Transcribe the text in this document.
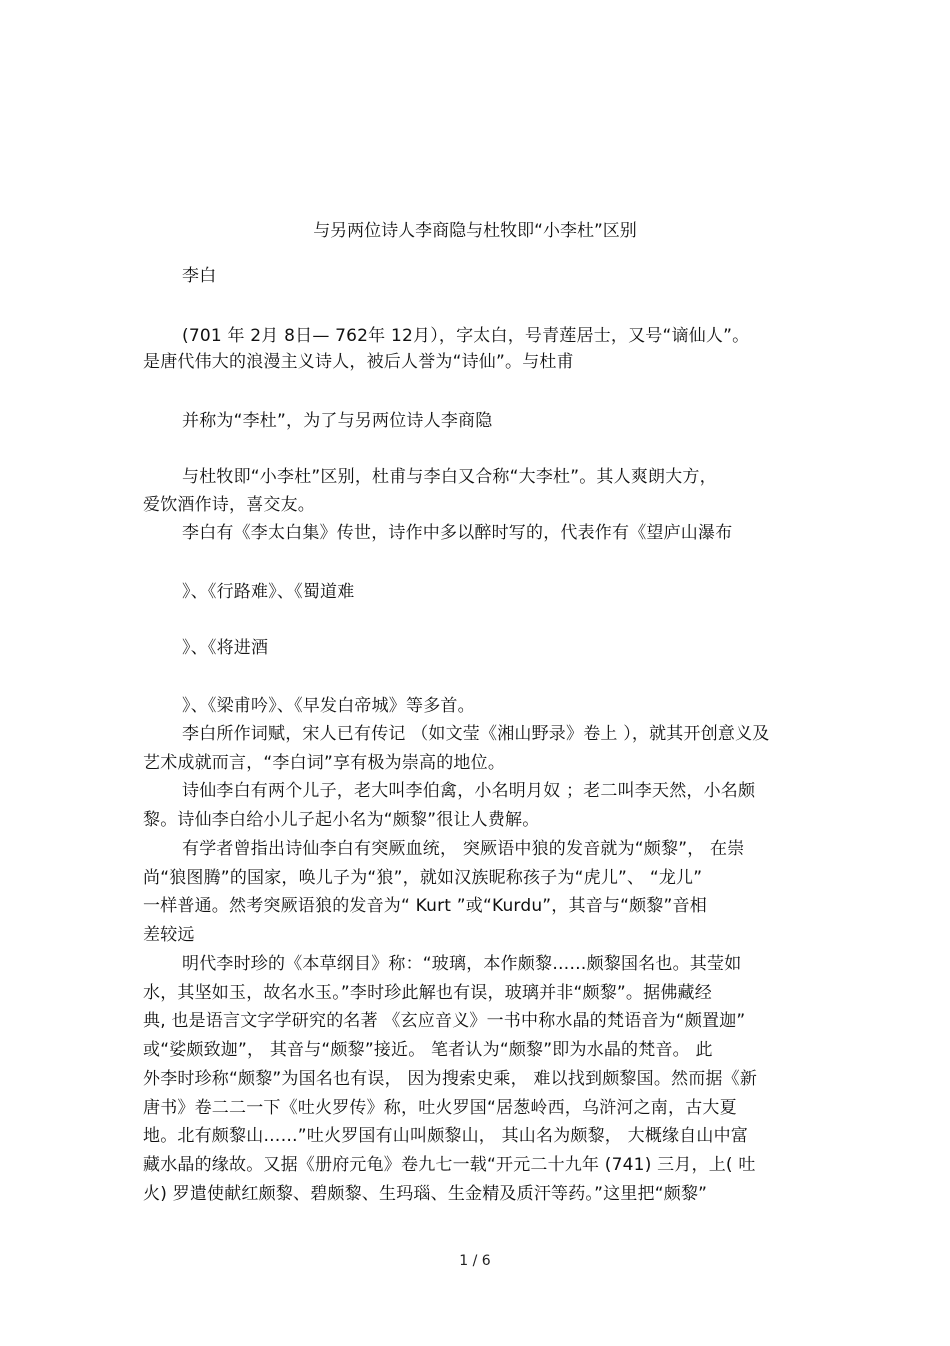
与另两位诗人李商隐与杜牧即“小李杜”区别
李白
(701 年 2月 8日— 762年 12月），字太白，号青莲居士，又号“谪仙人”。
是唐代伟大的浪漫主义诗人，被后人誉为“诗仙”。与杜甫
并称为“李杜”，为了与另两位诗人李商隐
与杜牧即“小李杜”区别，杜甫与李白又合称“大李杜”。其人爽朗大方，
爱饮酒作诗，喜交友。
李白有《李太白集》传世，诗作中多以醉时写的，代表作有《望庐山瀑布
》、《行路难》、《蜀道难
》、《将进酒
》、《梁甫吟》、《早发白帝城》等多首。
李白所作词赋，宋人已有传记 （如文莹《湘山野录》卷上 ），就其开创意义及
艺术成就而言，“李白词”享有极为崇高的地位。
诗仙李白有两个儿子，老大叫李伯禽，小名明月奴 ；老二叫李天然，小名颇
黎。诗仙李白给小儿子起小名为“颇黎”很让人费解。
有学者曾指出诗仙李白有突厥血统， 突厥语中狼的发音就为“颇黎”， 在崇
尚“狼图腾”的国家，唤儿子为“狼”，就如汉族昵称孩子为“虎儿”、 “龙儿”
一样普通。然考突厥语狼的发音为“ Kurt ”或“Kurdu”，其音与“颇黎”音相
差较远
明代李时珍的《本草纲目》称：“玻璃，本作颇黎……颇黎国名也。其莹如
水，其坚如玉，故名水玉。”李时珍此解也有误，玻璃并非“颇黎”。据佛藏经
典, 也是语言文字学研究的名著 《玄应音义》一书中称水晶的梵语音为“颇置迦”
或“娑颇致迦”， 其音与“颇黎”接近。 笔者认为“颇黎”即为水晶的梵音。 此
外李时珍称“颇黎”为国名也有误， 因为搜索史乘， 难以找到颇黎国。然而据《新
唐书》卷二二一下《吐火罗传》称，吐火罗国“居葱岭西，乌浒河之南，古大夏
地。北有颇黎山……”吐火罗国有山叫颇黎山， 其山名为颇黎， 大概缘自山中富
藏水晶的缘故。又据《册府元龟》卷九七一载“开元二十九年 (741) 三月，上( 吐
火) 罗遣使献红颇黎、碧颇黎、生玛瑙、生金精及质汗等药。”这里把“颇黎”
1 / 6
